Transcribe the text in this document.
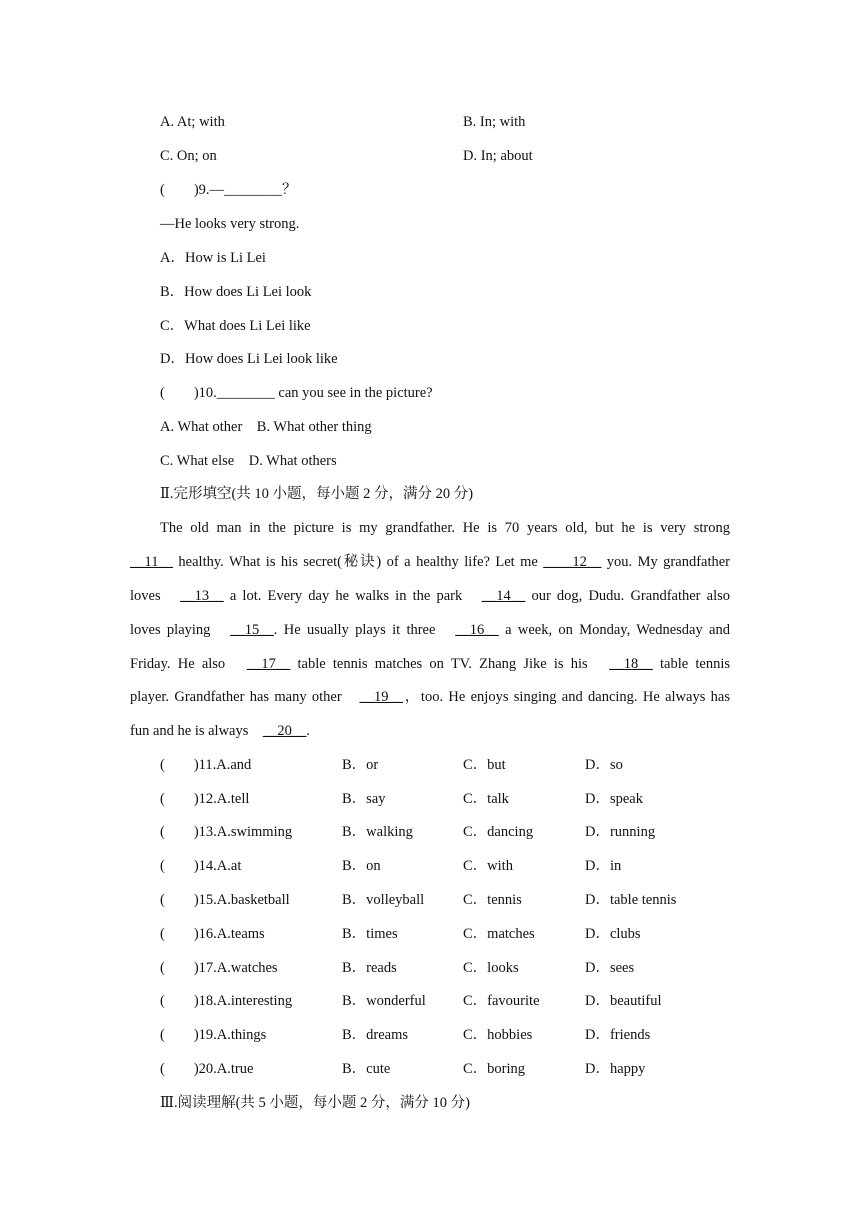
A. At; with	B. In; with
C. On; on	D. In; about
(　　)9.—________？
—He looks very strong.
A．How is Li Lei
B．How does Li Lei look
C．What does Li Lei like
D．How does Li Lei look like
(　　)10.________ can you see in the picture?
A. What other　B. What other thing
C. What else　D. What others
Ⅱ.完形填空(共 10 小题，每小题 2 分，满分 20 分)
The old man in the picture is my grandfather. He is 70 years old, but he is very strong
__11__ healthy. What is his secret(秘诀) of a healthy life? Let me ____12__ you. My grandfather
loves　__13__ a lot. Every day he walks in the park　__14__ our dog, Dudu. Grandfather also
loves playing　__15__. He usually plays it three　__16__ a week, on Monday, Wednesday and
Friday. He also　__17__ table tennis matches on TV. Zhang Jike is his　__18__ table tennis
player. Grandfather has many other　__19__，too. He enjoys singing and dancing. He always has
fun and he is always　__20__.
(　　)11.A.and	B．or	C．but	D．so
(　　)12.A.tell	B．say	C．talk	D．speak
(　　)13.A.swimming	B．walking	C．dancing	D．running
(　　)14.A.at	B．on	C．with	D．in
(　　)15.A.basketball	B．volleyball	C．tennis	D．table tennis
(　　)16.A.teams	B．times	C．matches	D．clubs
(　　)17.A.watches	B．reads	C．looks	D．sees
(　　)18.A.interesting	B．wonderful	C．favourite	D．beautiful
(　　)19.A.things	B．dreams	C．hobbies	D．friends
(　　)20.A.true	B．cute	C．boring	D．happy
Ⅲ.阅读理解(共 5 小题，每小题 2 分，满分 10 分)
